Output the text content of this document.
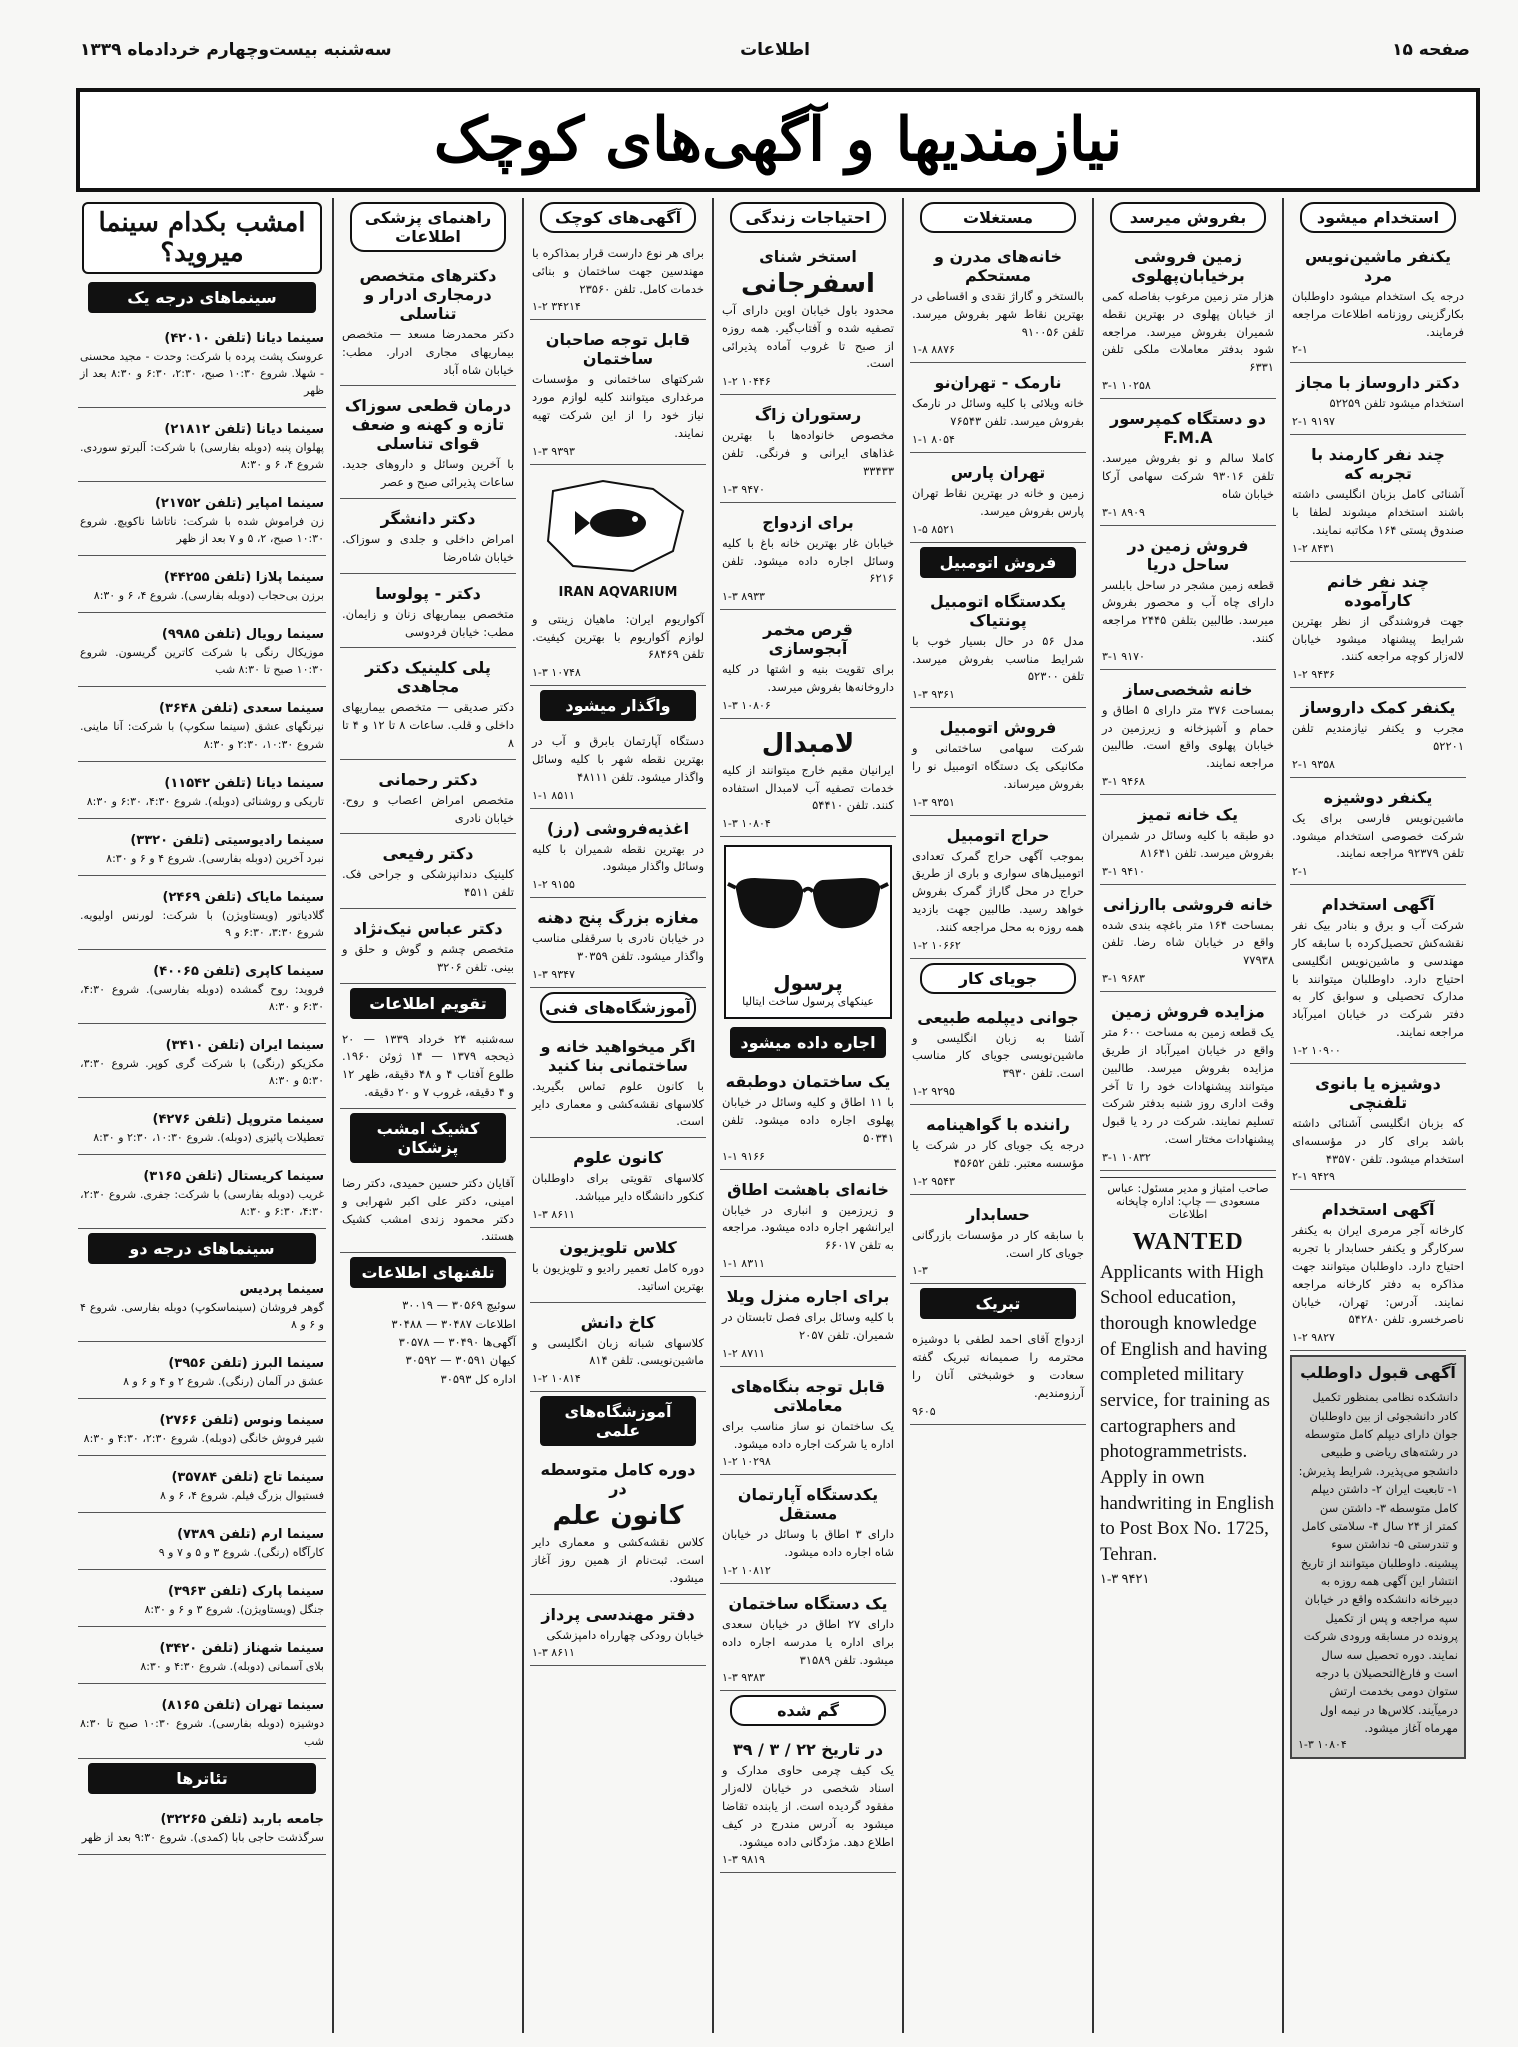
صفحه ۱۵
اطلاعات
سه‌شنبه بیست‌وچهارم خردادماه ۱۳۳۹
نیازمندیها و آگهی‌های کوچک
استخدام میشود
یکنفر ماشین‌نویس مرد

درجه یک استخدام میشود داوطلبان بکارگزینی روزنامه اطلاعات مراجعه فرمایند.

۲-۱
دکتر داروساز با مجاز

استخدام میشود تلفن ۵۲۲۵۹

۲-۱ ۹۱۹۷
چند نفر کارمند با تجربه که

آشنائی کامل بزبان انگلیسی داشته باشند استخدام میشوند لطفا با صندوق پستی ۱۶۴ مکاتبه نمایند.

۱-۲ ۸۴۳۱
چند نفر خانم کارآموده

جهت فروشندگی از نظر بهترین شرایط پیشنهاد میشود خیابان لاله‌زار کوچه مراجعه کنند.

۱-۲ ۹۴۳۶
یکنفر کمک داروساز

مجرب و یکنفر نیازمندیم تلفن ۵۲۲۰۱

۲-۱ ۹۳۵۸
یکنفر دوشیزه

ماشین‌نویس فارسی برای یک شرکت خصوصی استخدام میشود. تلفن ۹۲۳۷۹ مراجعه نمایند.

۲-۱
آگهی استخدام

شرکت آب و برق و بنادر بیک نفر نقشه‌کش تحصیل‌کرده با سابقه کار مهندسی و ماشین‌نویس انگلیسی احتیاج دارد. داوطلبان میتوانند با مدارک تحصیلی و سوابق کار به دفتر شرکت در خیابان امیرآباد مراجعه نمایند.

۱-۲ ۱۰۹۰۰
دوشیزه یا بانوی تلفنچی

که بزبان انگلیسی آشنائی داشته باشد برای کار در مؤسسه‌ای استخدام میشود. تلفن ۴۳۵۷۰

۲-۱ ۹۴۲۹
آگهی استخدام

کارخانه آجر مرمری ایران به یکنفر سرکارگر و یکنفر حسابدار با تجربه احتیاج دارد. داوطلبان میتوانند جهت مذاکره به دفتر کارخانه مراجعه نمایند. آدرس: تهران، خیابان ناصرخسرو. تلفن ۵۴۲۸۰

۱-۲ ۹۸۲۷
آگهی قبول داوطلب

دانشکده نظامی بمنظور تکمیل کادر دانشجوئی از بین داوطلبان جوان دارای دیپلم کامل متوسطه در رشته‌های ریاضی و طبیعی دانشجو می‌پذیرد. شرایط پذیرش: ۱- تابعیت ایران ۲- داشتن دیپلم کامل متوسطه ۳- داشتن سن کمتر از ۲۴ سال ۴- سلامتی کامل و تندرستی ۵- نداشتن سوء پیشینه. داوطلبان میتوانند از تاریخ انتشار این آگهی همه روزه به دبیرخانه دانشکده واقع در خیابان سپه مراجعه و پس از تکمیل پرونده در مسابقه ورودی شرکت نمایند. دوره تحصیل سه سال است و فارغ‌التحصیلان با درجه ستوان دومی بخدمت ارتش درمیآیند. کلاس‌ها در نیمه اول مهرماه آغاز میشود.

۱-۳ ۱۰۸۰۴
بفروش میرسد
زمین فروشی برخیابان‌پهلوی

هزار متر زمین مرغوب بفاصله کمی از خیابان پهلوی در بهترین نقطه شمیران بفروش میرسد. مراجعه شود بدفتر معاملات ملکی تلفن ۶۳۳۱

۳-۱ ۱۰۲۵۸
دو دستگاه کمپرسور F.M.A

کاملا سالم و نو بفروش میرسد. تلفن ۹۳۰۱۶ شرکت سهامی آرکا خیابان شاه

۳-۱ ۸۹۰۹
فروش زمین در ساحل دریا

قطعه زمین مشجر در ساحل بابلسر دارای چاه آب و محصور بفروش میرسد. طالبین بتلفن ۲۴۴۵ مراجعه کنند.

۳-۱ ۹۱۷۰
خانه شخصی‌ساز

بمساحت ۳۷۶ متر دارای ۵ اطاق و حمام و آشپزخانه و زیرزمین در خیابان پهلوی واقع است. طالبین مراجعه نمایند.

۳-۱ ۹۴۶۸
یک خانه تمیز

دو طبقه با کلیه وسائل در شمیران بفروش میرسد. تلفن ۸۱۶۴۱

۳-۱ ۹۴۱۰
خانه فروشی باارزانی

بمساحت ۱۶۴ متر باغچه بندی شده واقع در خیابان شاه رضا. تلفن ۷۷۹۳۸

۳-۱ ۹۶۸۳
مزایده فروش زمین

یک قطعه زمین به مساحت ۶۰۰ متر واقع در خیابان امیرآباد از طریق مزایده بفروش میرسد. طالبین میتوانند پیشنهادات خود را تا آخر وقت اداری روز شنبه بدفتر شرکت تسلیم نمایند. شرکت در رد یا قبول پیشنهادات مختار است.

۳-۱ ۱۰۸۳۲
صاحب امتیاز و مدیر مسئول: عباس مسعودی — چاپ: اداره چاپخانه اطلاعات
WANTED

Applicants with High School education, thorough knowledge of English and having completed military service, for training as cartographers and photogrammetrists. Apply in own handwriting in English to Post Box No. 1725, Tehran.

۱-۳ ۹۴۲۱
مستغلات
خانه‌های مدرن و مستحکم

بالستخر و گاراژ نقدی و اقساطی در بهترین نقاط شهر بفروش میرسد. تلفن ۹۱۰۰۵۶

۱-۸ ۸۸۷۶
نارمک - تهران‌نو

خانه ویلائی با کلیه وسائل در نارمک بفروش میرسد. تلفن ۷۶۵۴۳

۱-۱ ۸۰۵۴
تهران پارس

زمین و خانه در بهترین نقاط تهران پارس بفروش میرسد.

۱-۵ ۸۵۲۱
فروش اتومبیل
یکدستگاه اتومبیل پونتیاک

مدل ۵۶ در حال بسیار خوب با شرایط مناسب بفروش میرسد. تلفن ۵۲۳۰۰

۱-۳ ۹۳۶۱
فروش اتومبیل

شرکت سهامی ساختمانی و مکانیکی یک دستگاه اتومبیل نو را بفروش میرساند.

۱-۳ ۹۳۵۱
حراج اتومبیل

بموجب آگهی حراج گمرک تعدادی اتومبیل‌های سواری و باری از طریق حراج در محل گاراژ گمرک بفروش خواهد رسید. طالبین جهت بازدید همه روزه به محل مراجعه کنند.

۱-۲ ۱۰۶۶۲
جویای کار
جوانی دیپلمه طبیعی

آشنا به زبان انگلیسی و ماشین‌نویسی جویای کار مناسب است. تلفن ۳۹۳۰

۱-۲ ۹۲۹۵
راننده با گواهینامه

درجه یک جویای کار در شرکت یا مؤسسه معتبر. تلفن ۴۵۶۵۲

۱-۲ ۹۵۴۳
حسابدار

با سابقه کار در مؤسسات بازرگانی جویای کار است.

۱-۳
تبریک

ازدواج آقای احمد لطفی با دوشیزه محترمه را صمیمانه تبریک گفته سعادت و خوشبختی آنان را آرزومندیم.

۹۶۰۵
احتیاجات زندگی
استخر شنای
اسفرجانی

محدود باول خیابان اوین دارای آب تصفیه شده و آفتاب‌گیر. همه روزه از صبح تا غروب آماده پذیرائی است.

۱-۲ ۱۰۴۴۶
رستوران زاگ

مخصوص خانواده‌ها با بهترین غذاهای ایرانی و فرنگی. تلفن ۳۳۴۳۳

۱-۳ ۹۴۷۰
برای ازدواج

خیابان غار بهترین خانه باغ با کلیه وسائل اجاره داده میشود. تلفن ۶۲۱۶

۱-۳ ۸۹۳۳
قرص مخمر آبجوسازی

برای تقویت بنیه و اشتها در کلیه داروخانه‌ها بفروش میرسد.

۱-۳ ۱۰۸۰۶
لامبدال

ایرانیان مقیم خارج میتوانند از کلیه خدمات تصفیه آب لامبدال استفاده کنند. تلفن ۵۴۴۱۰

۱-۳ ۱۰۸۰۴
پرسول
عینکهای پرسول ساخت ایتالیا
اجاره داده میشود
یک ساختمان دوطبقه

با ۱۱ اطاق و کلیه وسائل در خیابان پهلوی اجاره داده میشود. تلفن ۵۰۳۴۱

۱-۱ ۹۱۶۶
خانه‌ای باهشت اطاق

و زیرزمین و انباری در خیابان ایرانشهر اجاره داده میشود. مراجعه به تلفن ۶۶۰۱۷

۱-۱ ۸۳۱۱
برای اجاره منزل ویلا

با کلیه وسائل برای فصل تابستان در شمیران. تلفن ۲۰۵۷

۱-۲ ۸۷۱۱
قابل توجه بنگاه‌های معاملاتی

یک ساختمان نو ساز مناسب برای اداره یا شرکت اجاره داده میشود.

۱-۲ ۱۰۲۹۸
یکدستگاه آپارتمان مستقل

دارای ۳ اطاق با وسائل در خیابان شاه اجاره داده میشود.

۱-۲ ۱۰۸۱۲
یک دستگاه ساختمان

دارای ۲۷ اطاق در خیابان سعدی برای اداره یا مدرسه اجاره داده میشود. تلفن ۳۱۵۸۹

۱-۳ ۹۳۸۳
گم شده
در تاریخ ۲۲ / ۳ / ۳۹

یک کیف چرمی حاوی مدارک و اسناد شخصی در خیابان لاله‌زار مفقود گردیده است. از یابنده تقاضا میشود به آدرس مندرج در کیف اطلاع دهد. مژدگانی داده میشود.

۱-۳ ۹۸۱۹
آگهی‌های کوچک

برای هر نوع دارست قرار بمذاکره با مهندسین جهت ساختمان و بنائی خدمات کامل. تلفن ۲۳۵۶۰

۱-۲ ۳۴۲۱۴
قابل توجه صاحبان ساختمان

شرکتهای ساختمانی و مؤسسات مرغداری میتوانند کلیه لوازم مورد نیاز خود را از این شرکت تهیه نمایند.

۱-۳ ۹۳۹۳
IRAN AQVARIUM

آکواریوم ایران: ماهیان زینتی و لوازم آکواریوم با بهترین کیفیت. تلفن ۶۸۴۶۹

۱-۳ ۱۰۷۴۸
واگذار میشود

دستگاه آپارتمان بابرق و آب در بهترین نقطه شهر با کلیه وسائل واگذار میشود. تلفن ۴۸۱۱۱

۱-۱ ۸۵۱۱
اغذیه‌فروشی (رز)

در بهترین نقطه شمیران با کلیه وسائل واگذار میشود.

۱-۲ ۹۱۵۵
مغازه بزرگ پنج دهنه

در خیابان نادری با سرقفلی مناسب واگذار میشود. تلفن ۳۰۳۵۹

۱-۳ ۹۳۴۷
آموزشگاه‌های فنی
اگر میخواهید خانه و ساختمانی بنا کنید

با کانون علوم تماس بگیرید. کلاسهای نقشه‌کشی و معماری دایر است.

کانون علوم

کلاسهای تقویتی برای داوطلبان کنکور دانشگاه دایر میباشد.

۱-۳ ۸۶۱۱
کلاس تلویزیون

دوره کامل تعمیر رادیو و تلویزیون با بهترین اساتید.

کاخ دانش

کلاسهای شبانه زبان انگلیسی و ماشین‌نویسی. تلفن ۸۱۴

۱-۲ ۱۰۸۱۴
آموزشگاه‌های علمی
دوره کامل متوسطه در
کانون علم

کلاس نقشه‌کشی و معماری دایر است. ثبت‌نام از همین روز آغاز میشود.

دفتر مهندسی پرداز

خیابان رودکی چهارراه دامپزشکی

۱-۳ ۸۶۱۱
راهنمای پزشکی اطلاعات
دکترهای متخصص درمجاری ادرار و تناسلی

دکتر محمدرضا مسعد — متخصص بیماریهای مجاری ادرار. مطب: خیابان شاه آباد

درمان قطعی سوزاک تازه و کهنه و ضعف قوای تناسلی

با آخرین وسائل و داروهای جدید. ساعات پذیرائی صبح و عصر

دکتر دانشگر

امراض داخلی و جلدی و سوزاک. خیابان شاه‌رضا

دکتر - پولوسا

متخصص بیماریهای زنان و زایمان. مطب: خیابان فردوسی

پلی کلینیک دکتر مجاهدی

دکتر صدیقی — متخصص بیماریهای داخلی و قلب. ساعات ۸ تا ۱۲ و ۴ تا ۸

دکتر رحمانی

متخصص امراض اعصاب و روح. خیابان نادری

دکتر رفیعی

کلینیک دندانپزشکی و جراحی فک. تلفن ۴۵۱۱

دکتر عباس نیک‌نژاد

متخصص چشم و گوش و حلق و بینی. تلفن ۳۲۰۶

تقویم اطلاعات

سه‌شنبه ۲۴ خرداد ۱۳۳۹ — ۲۰ ذیحجه ۱۳۷۹ — ۱۴ ژوئن ۱۹۶۰. طلوع آفتاب ۴ و ۴۸ دقیقه، ظهر ۱۲ و ۴ دقیقه، غروب ۷ و ۲۰ دقیقه.

کشیک امشب پزشکان

آقایان دکتر حسین حمیدی، دکتر رضا امینی، دکتر علی اکبر شهرابی و دکتر محمود زندی امشب کشیک هستند.

تلفنهای اطلاعات

سوئیچ ۳۰۵۶۹ — ۳۰۰۱۹

اطلاعات ۳۰۴۸۷ — ۳۰۴۸۸

آگهی‌ها ۳۰۴۹۰ — ۳۰۵۷۸

کیهان ۳۰۵۹۱ — ۳۰۵۹۲

اداره کل ۳۰۵۹۳

امشب بکدام سینما میروید؟
سینماهای درجه یک
سینما دیانا (تلفن ۴۲۰۱۰)

عروسک پشت پرده با شرکت: وحدت - مجید محسنی - شهلا. شروع ۱۰:۳۰ صبح، ۲:۳۰، ۶:۳۰ و ۸:۳۰ بعد از ظهر

سینما دیانا (تلفن ۲۱۸۱۲)

پهلوان پنبه (دوبله بفارسی) با شرکت: آلبرتو سوردی. شروع ۴، ۶ و ۸:۳۰

سینما امپایر (تلفن ۲۱۷۵۲)

زن فراموش شده با شرکت: ناتاشا ناکویچ. شروع ۱۰:۳۰ صبح، ۲، ۵ و ۷ بعد از ظهر

سینما پلازا (تلفن ۴۴۲۵۵)

برزن بی‌حجاب (دوبله بفارسی). شروع ۴، ۶ و ۸:۳۰

سینما رویال (تلفن ۹۹۸۵)

موزیکال رنگی با شرکت کاترین گریسون. شروع ۱۰:۳۰ صبح تا ۸:۳۰ شب

سینما سعدی (تلفن ۳۶۴۸)

نیرنگهای عشق (سینما سکوپ) با شرکت: آنا ماینی. شروع ۱۰:۳۰، ۲:۳۰ و ۸:۳۰

سینما دیانا (تلفن ۱۱۵۴۲)

تاریکی و روشنائی (دوبله). شروع ۴:۳۰، ۶:۳۰ و ۸:۳۰

سینما رادیوسیتی (تلفن ۳۳۲۰)

نبرد آخرین (دوبله بفارسی). شروع ۴ و ۶ و ۸:۳۰

سینما مایاک (تلفن ۲۴۶۹)

گلادیاتور (ویستاویژن) با شرکت: لورنس اولیویه. شروع ۳:۳۰، ۶:۳۰ و ۹

سینما کاپری (تلفن ۴۰۰۶۵)

فروید: روح گمشده (دوبله بفارسی). شروع ۴:۳۰، ۶:۳۰ و ۸:۳۰

سینما ایران (تلفن ۳۴۱۰)

مکزیکو (رنگی) با شرکت گری کوپر. شروع ۳:۳۰، ۵:۳۰ و ۸:۳۰

سینما متروپل (تلفن ۴۲۷۶)

تعطیلات پائیزی (دوبله). شروع ۱۰:۳۰، ۲:۳۰ و ۸:۳۰

سینما کریستال (تلفن ۳۱۶۵)

غریب (دوبله بفارسی) با شرکت: جفری. شروع ۲:۳۰، ۴:۳۰، ۶:۳۰ و ۸:۳۰

سینماهای درجه دو
سینما پردیس

گوهر فروشان (سینماسکوپ) دوبله بفارسی. شروع ۴ و ۶ و ۸

سینما البرز (تلفن ۳۹۵۶)

عشق در آلمان (رنگی). شروع ۲ و ۴ و ۶ و ۸

سینما ونوس (تلفن ۲۷۶۶)

شیر فروش خانگی (دوبله). شروع ۲:۳۰، ۴:۳۰ و ۸:۳۰

سینما تاج (تلفن ۳۵۷۸۴)

فستیوال بزرگ فیلم. شروع ۴، ۶ و ۸

سینما ارم (تلفن ۷۳۸۹)

کارآگاه (رنگی). شروع ۳ و ۵ و ۷ و ۹

سینما پارک (تلفن ۳۹۶۳)

جنگل (ویستاویژن). شروع ۳ و ۶ و ۸:۳۰

سینما شهناز (تلفن ۳۴۲۰)

بلای آسمانی (دوبله). شروع ۴:۳۰ و ۸:۳۰

سینما تهران (تلفن ۸۱۶۵)

دوشیزه (دوبله بفارسی). شروع ۱۰:۳۰ صبح تا ۸:۳۰ شب

تئاترها
جامعه باربد (تلفن ۳۲۲۶۵)

سرگذشت حاجی بابا (کمدی). شروع ۹:۳۰ بعد از ظهر
